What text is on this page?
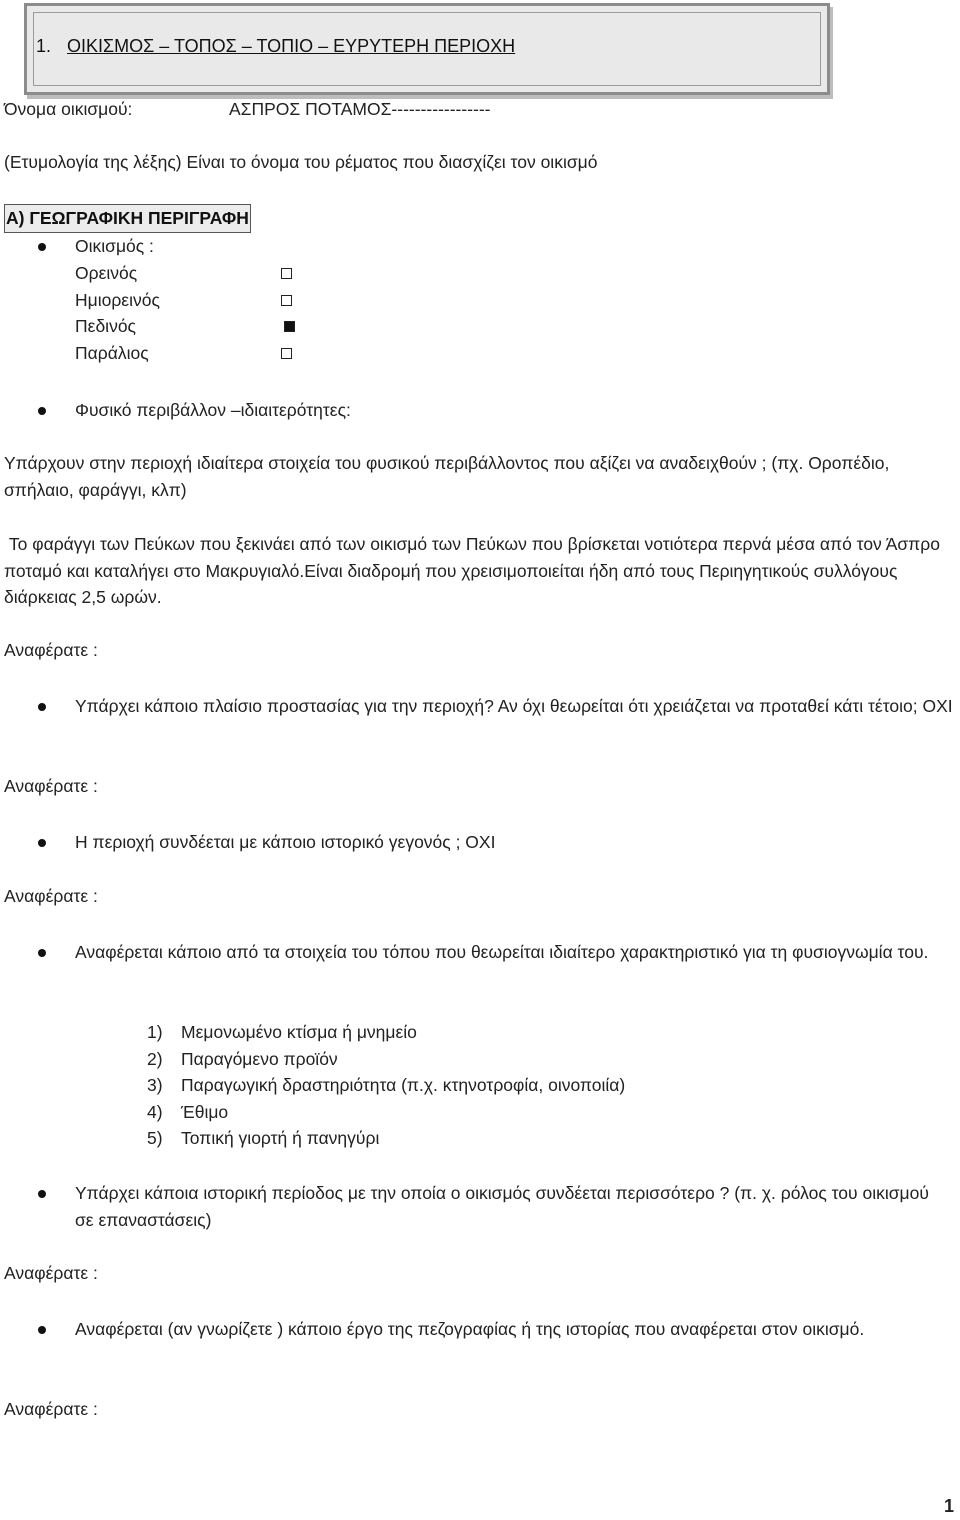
1. ΟΙΚΙΣΜΟΣ – ΤΟΠΟΣ – ΤΟΠΙΟ – ΕΥΡΥΤΕΡΗ ΠΕΡΙΟΧΗ
Όνομα οικισμού:	ΑΣΠΡΟΣ ΠΟΤΑΜΟΣ-----------------
(Ετυμολογία της λέξης) Είναι το όνομα του ρέματος που διασχίζει τον οικισμό
Α) ΓΕΩΓΡΑΦΙΚΗ ΠΕΡΙΓΡΑΦΗ
Οικισμός :
Ορεινός
Ημιορεινός
Πεδινός
Παράλιος
Φυσικό περιβάλλον –ιδιαιτερότητες:
Υπάρχουν στην περιοχή ιδιαίτερα στοιχεία του φυσικού περιβάλλοντος που αξίζει να αναδειχθούν ; (πχ. Οροπέδιο, σπήλαιο, φαράγγι, κλπ)
Το φαράγγι των Πεύκων που ξεκινάει από των οικισμό των Πεύκων που βρίσκεται νοτιότερα περνά μέσα από τον Άσπρο ποταμό και καταλήγει στο Μακρυγιαλό.Είναι διαδρομή που χρεισιμοποιείται ήδη από τους Περιηγητικούς συλλόγους διάρκειας 2,5 ωρών.
Αναφέρατε :
Υπάρχει κάποιο πλαίσιο προστασίας για την περιοχή? Αν όχι θεωρείται ότι χρειάζεται να προταθεί κάτι τέτοιο; ΟΧΙ
Αναφέρατε :
Η περιοχή συνδέεται με κάποιο ιστορικό γεγονός ; ΟΧΙ
Αναφέρατε :
Αναφέρεται κάποιο από τα στοιχεία του τόπου που θεωρείται ιδιαίτερο χαρακτηριστικό για τη φυσιογνωμία του.
1) Μεμονωμένο κτίσμα ή μνημείο
2) Παραγόμενο προϊόν
3) Παραγωγική δραστηριότητα (π.χ. κτηνοτροφία, οινοποιία)
4) Έθιμο
5) Τοπική γιορτή ή πανηγύρι
Υπάρχει κάποια ιστορική περίοδος με την οποία ο οικισμός συνδέεται περισσότερο ? (π. χ. ρόλος του οικισμού σε επαναστάσεις)
Αναφέρατε :
Αναφέρεται (αν γνωρίζετε ) κάποιο έργο της πεζογραφίας ή της ιστορίας που αναφέρεται στον οικισμό.
Αναφέρατε :
1
